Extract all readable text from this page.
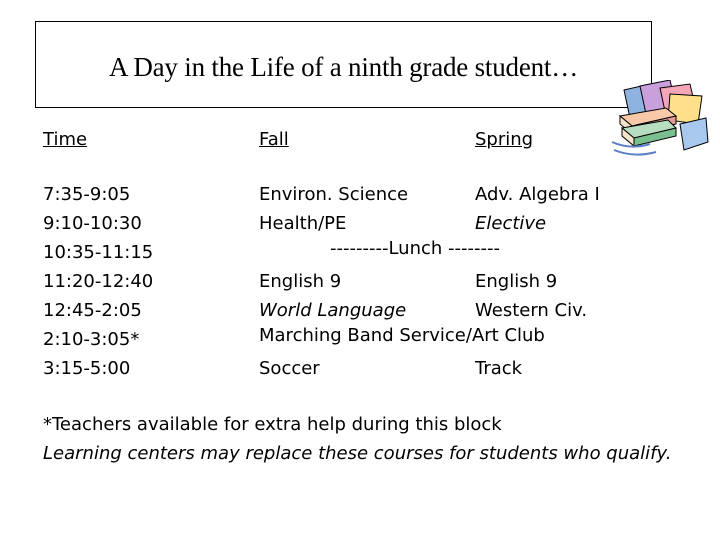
A Day in the Life of a ninth grade student…
Time	Fall	Spring
7:35-9:05
9:10-10:30
10:35-11:15
11:20-12:40
12:45-2:05
2:10-3:05*
3:15-5:00
Environ. Science
Health/PE
English 9
World Language
Soccer
Adv. Algebra I
Elective
English 9
Western Civ.
Track
---------Lunch --------
Marching Band Service/Art Club
*Teachers available for extra help during this block
Learning centers may replace these courses for students who qualify.
